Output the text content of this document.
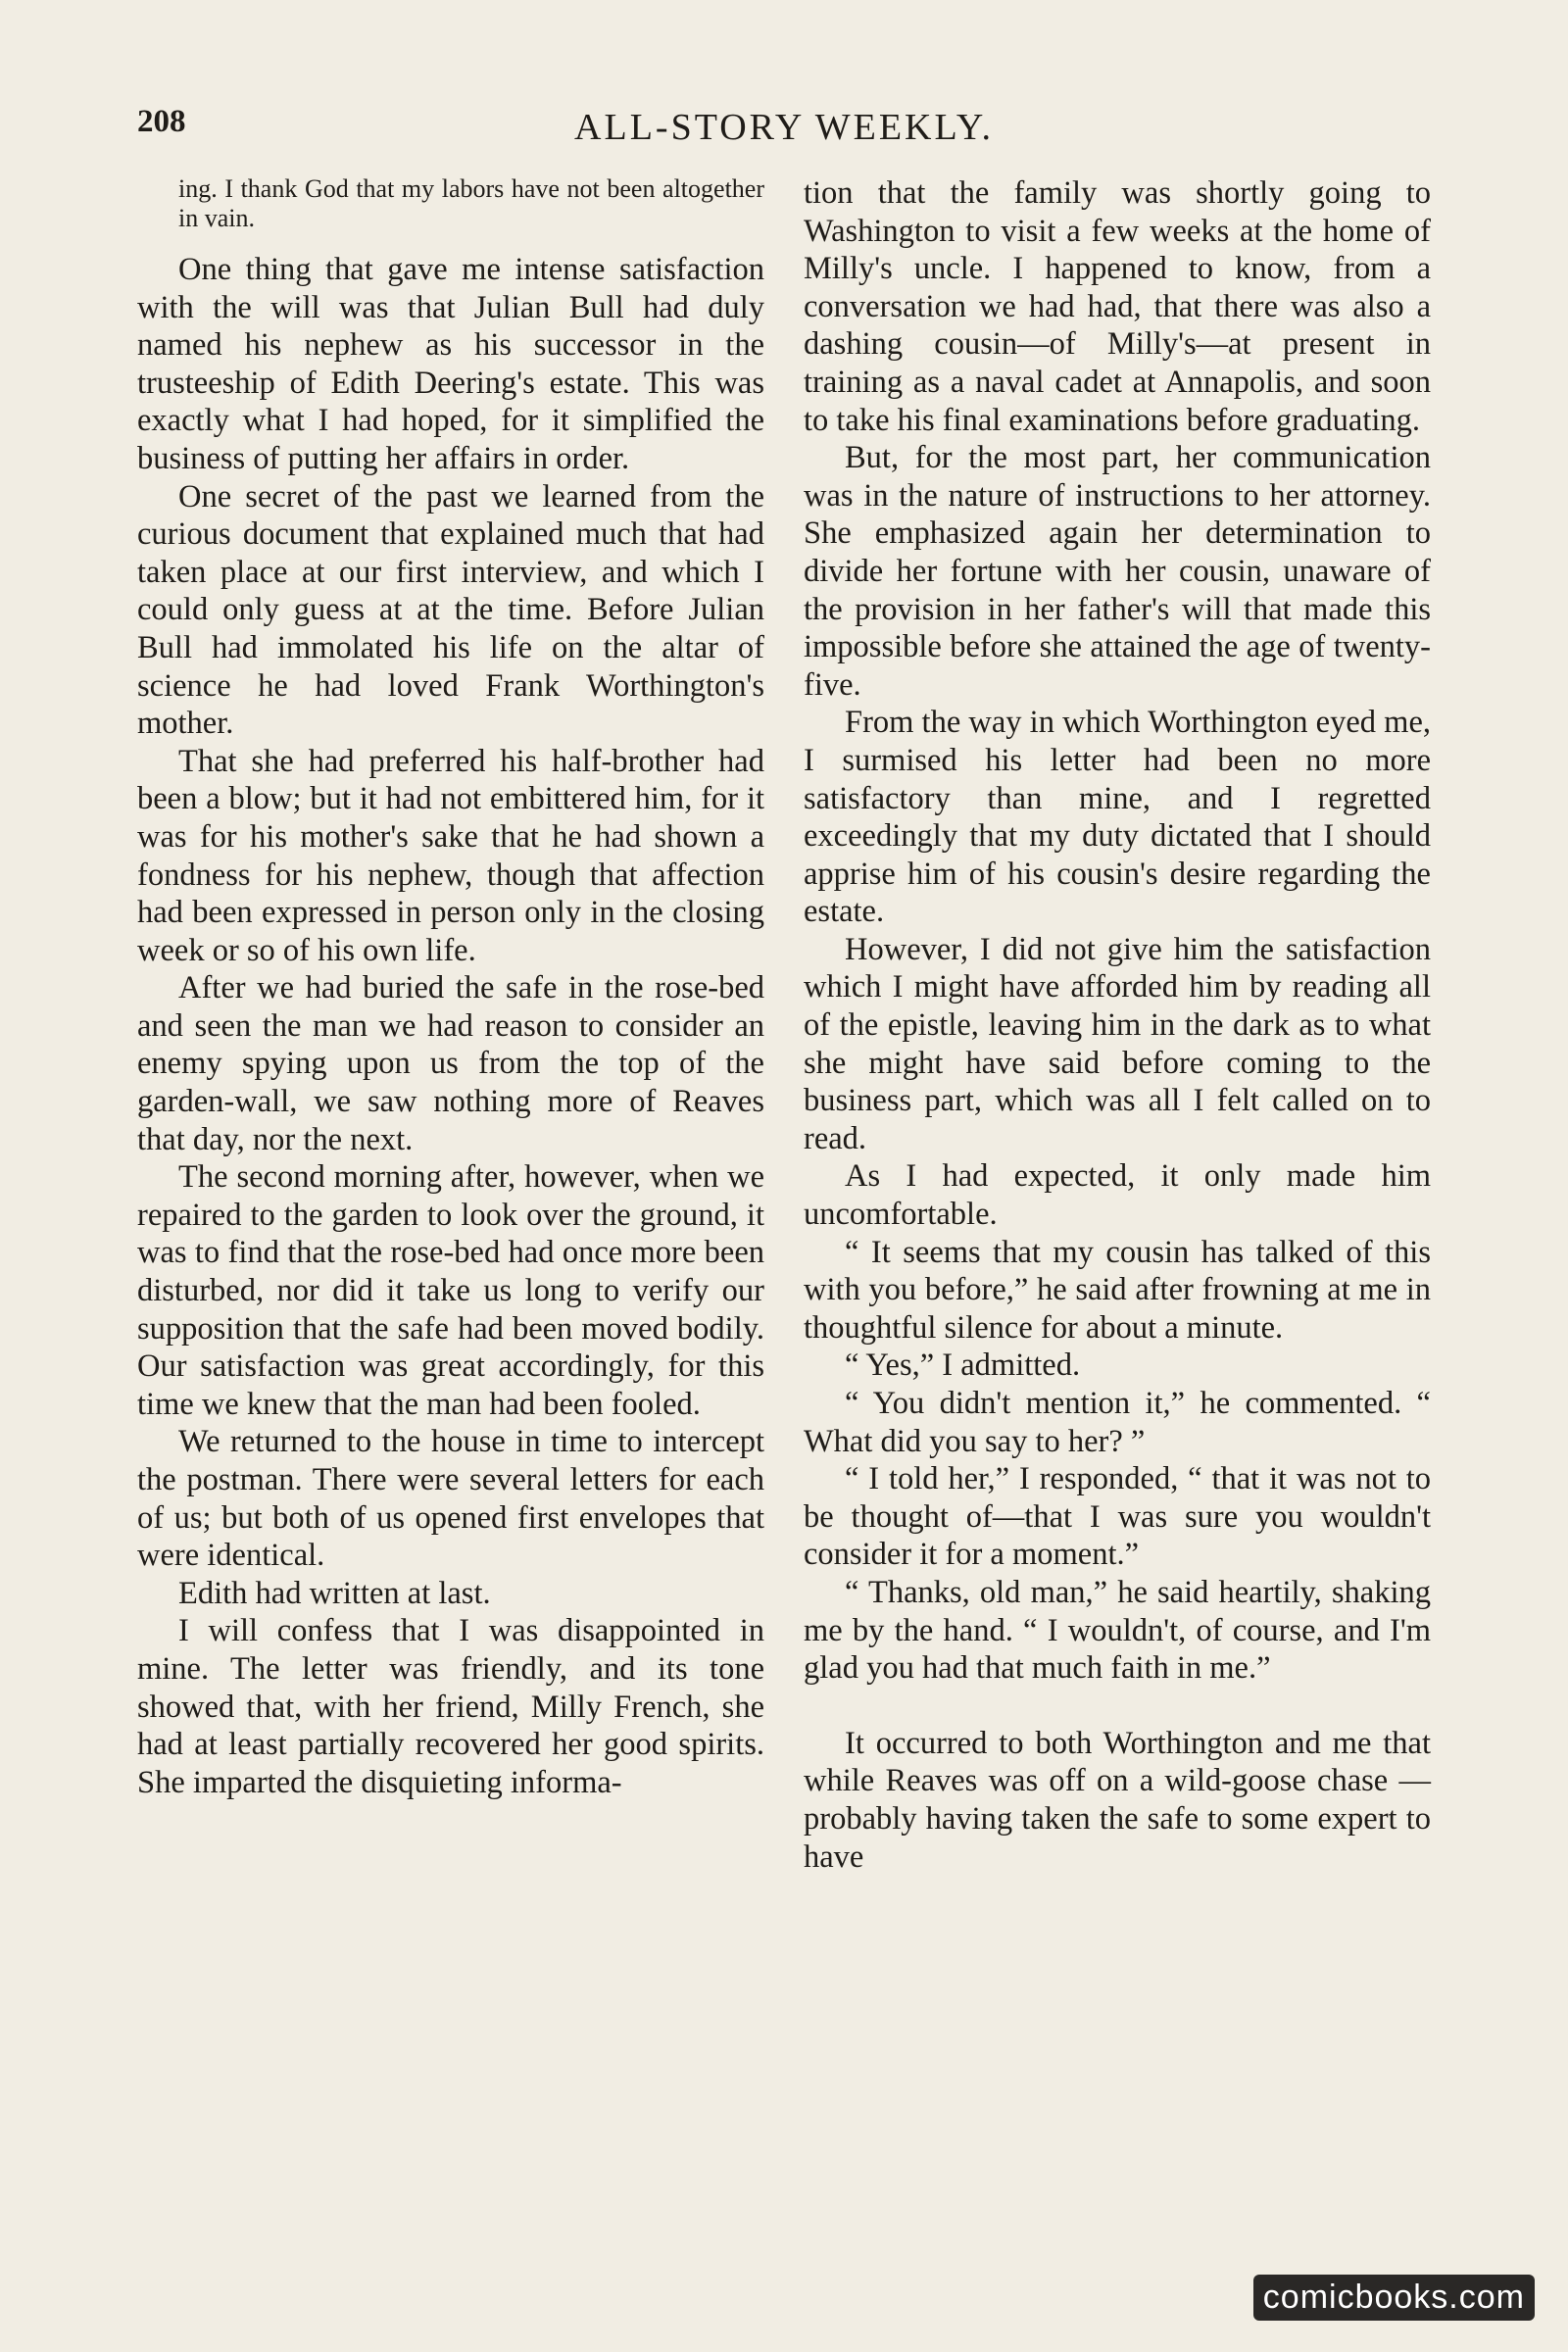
208	ALL-STORY WEEKLY.

ing. I thank God that my labors have not been altogether in vain.

One thing that gave me intense satisfaction with the will was that Julian Bull had duly named his nephew as his successor in the trusteeship of Edith Deering's estate. This was exactly what I had hoped, for it simplified the business of putting her affairs in order.

One secret of the past we learned from the curious document that explained much that had taken place at our first interview, and which I could only guess at at the time. Before Julian Bull had immolated his life on the altar of science he had loved Frank Worthington's mother.

That she had preferred his half-brother had been a blow; but it had not embittered him, for it was for his mother's sake that he had shown a fondness for his nephew, though that affection had been expressed in person only in the closing week or so of his own life.

After we had buried the safe in the rose-bed and seen the man we had reason to consider an enemy spying upon us from the top of the garden-wall, we saw nothing more of Reaves that day, nor the next.

The second morning after, however, when we repaired to the garden to look over the ground, it was to find that the rose-bed had once more been disturbed, nor did it take us long to verify our supposition that the safe had been moved bodily. Our satisfaction was great accordingly, for this time we knew that the man had been fooled.

We returned to the house in time to intercept the postman. There were several letters for each of us; but both of us opened first envelopes that were identical.

Edith had written at last.

I will confess that I was disappointed in mine. The letter was friendly, and its tone showed that, with her friend, Milly French, she had at least partially recovered her good spirits. She imparted the disquieting informa-

tion that the family was shortly going to Washington to visit a few weeks at the home of Milly's uncle. I happened to know, from a conversation we had had, that there was also a dashing cousin—of Milly's—at present in training as a naval cadet at Annapolis, and soon to take his final examinations before graduating.

But, for the most part, her communication was in the nature of instructions to her attorney. She emphasized again her determination to divide her fortune with her cousin, unaware of the provision in her father's will that made this impossible before she attained the age of twenty-five.

From the way in which Worthington eyed me, I surmised his letter had been no more satisfactory than mine, and I regretted exceedingly that my duty dictated that I should apprise him of his cousin's desire regarding the estate.

However, I did not give him the satisfaction which I might have afforded him by reading all of the epistle, leaving him in the dark as to what she might have said before coming to the business part, which was all I felt called on to read.

As I had expected, it only made him uncomfortable.

“ It seems that my cousin has talked of this with you before,” he said after frowning at me in thoughtful silence for about a minute.

“ Yes,” I admitted.

“ You didn't mention it,” he commented. “ What did you say to her? ”

“ I told her,” I responded, “ that it was not to be thought of—that I was sure you wouldn't consider it for a moment.”

“ Thanks, old man,” he said heartily, shaking me by the hand. “ I wouldn't, of course, and I'm glad you had that much faith in me.”

It occurred to both Worthington and me that while Reaves was off on a wild-goose chase — probably having taken the safe to some expert to have

comicbooks.com
